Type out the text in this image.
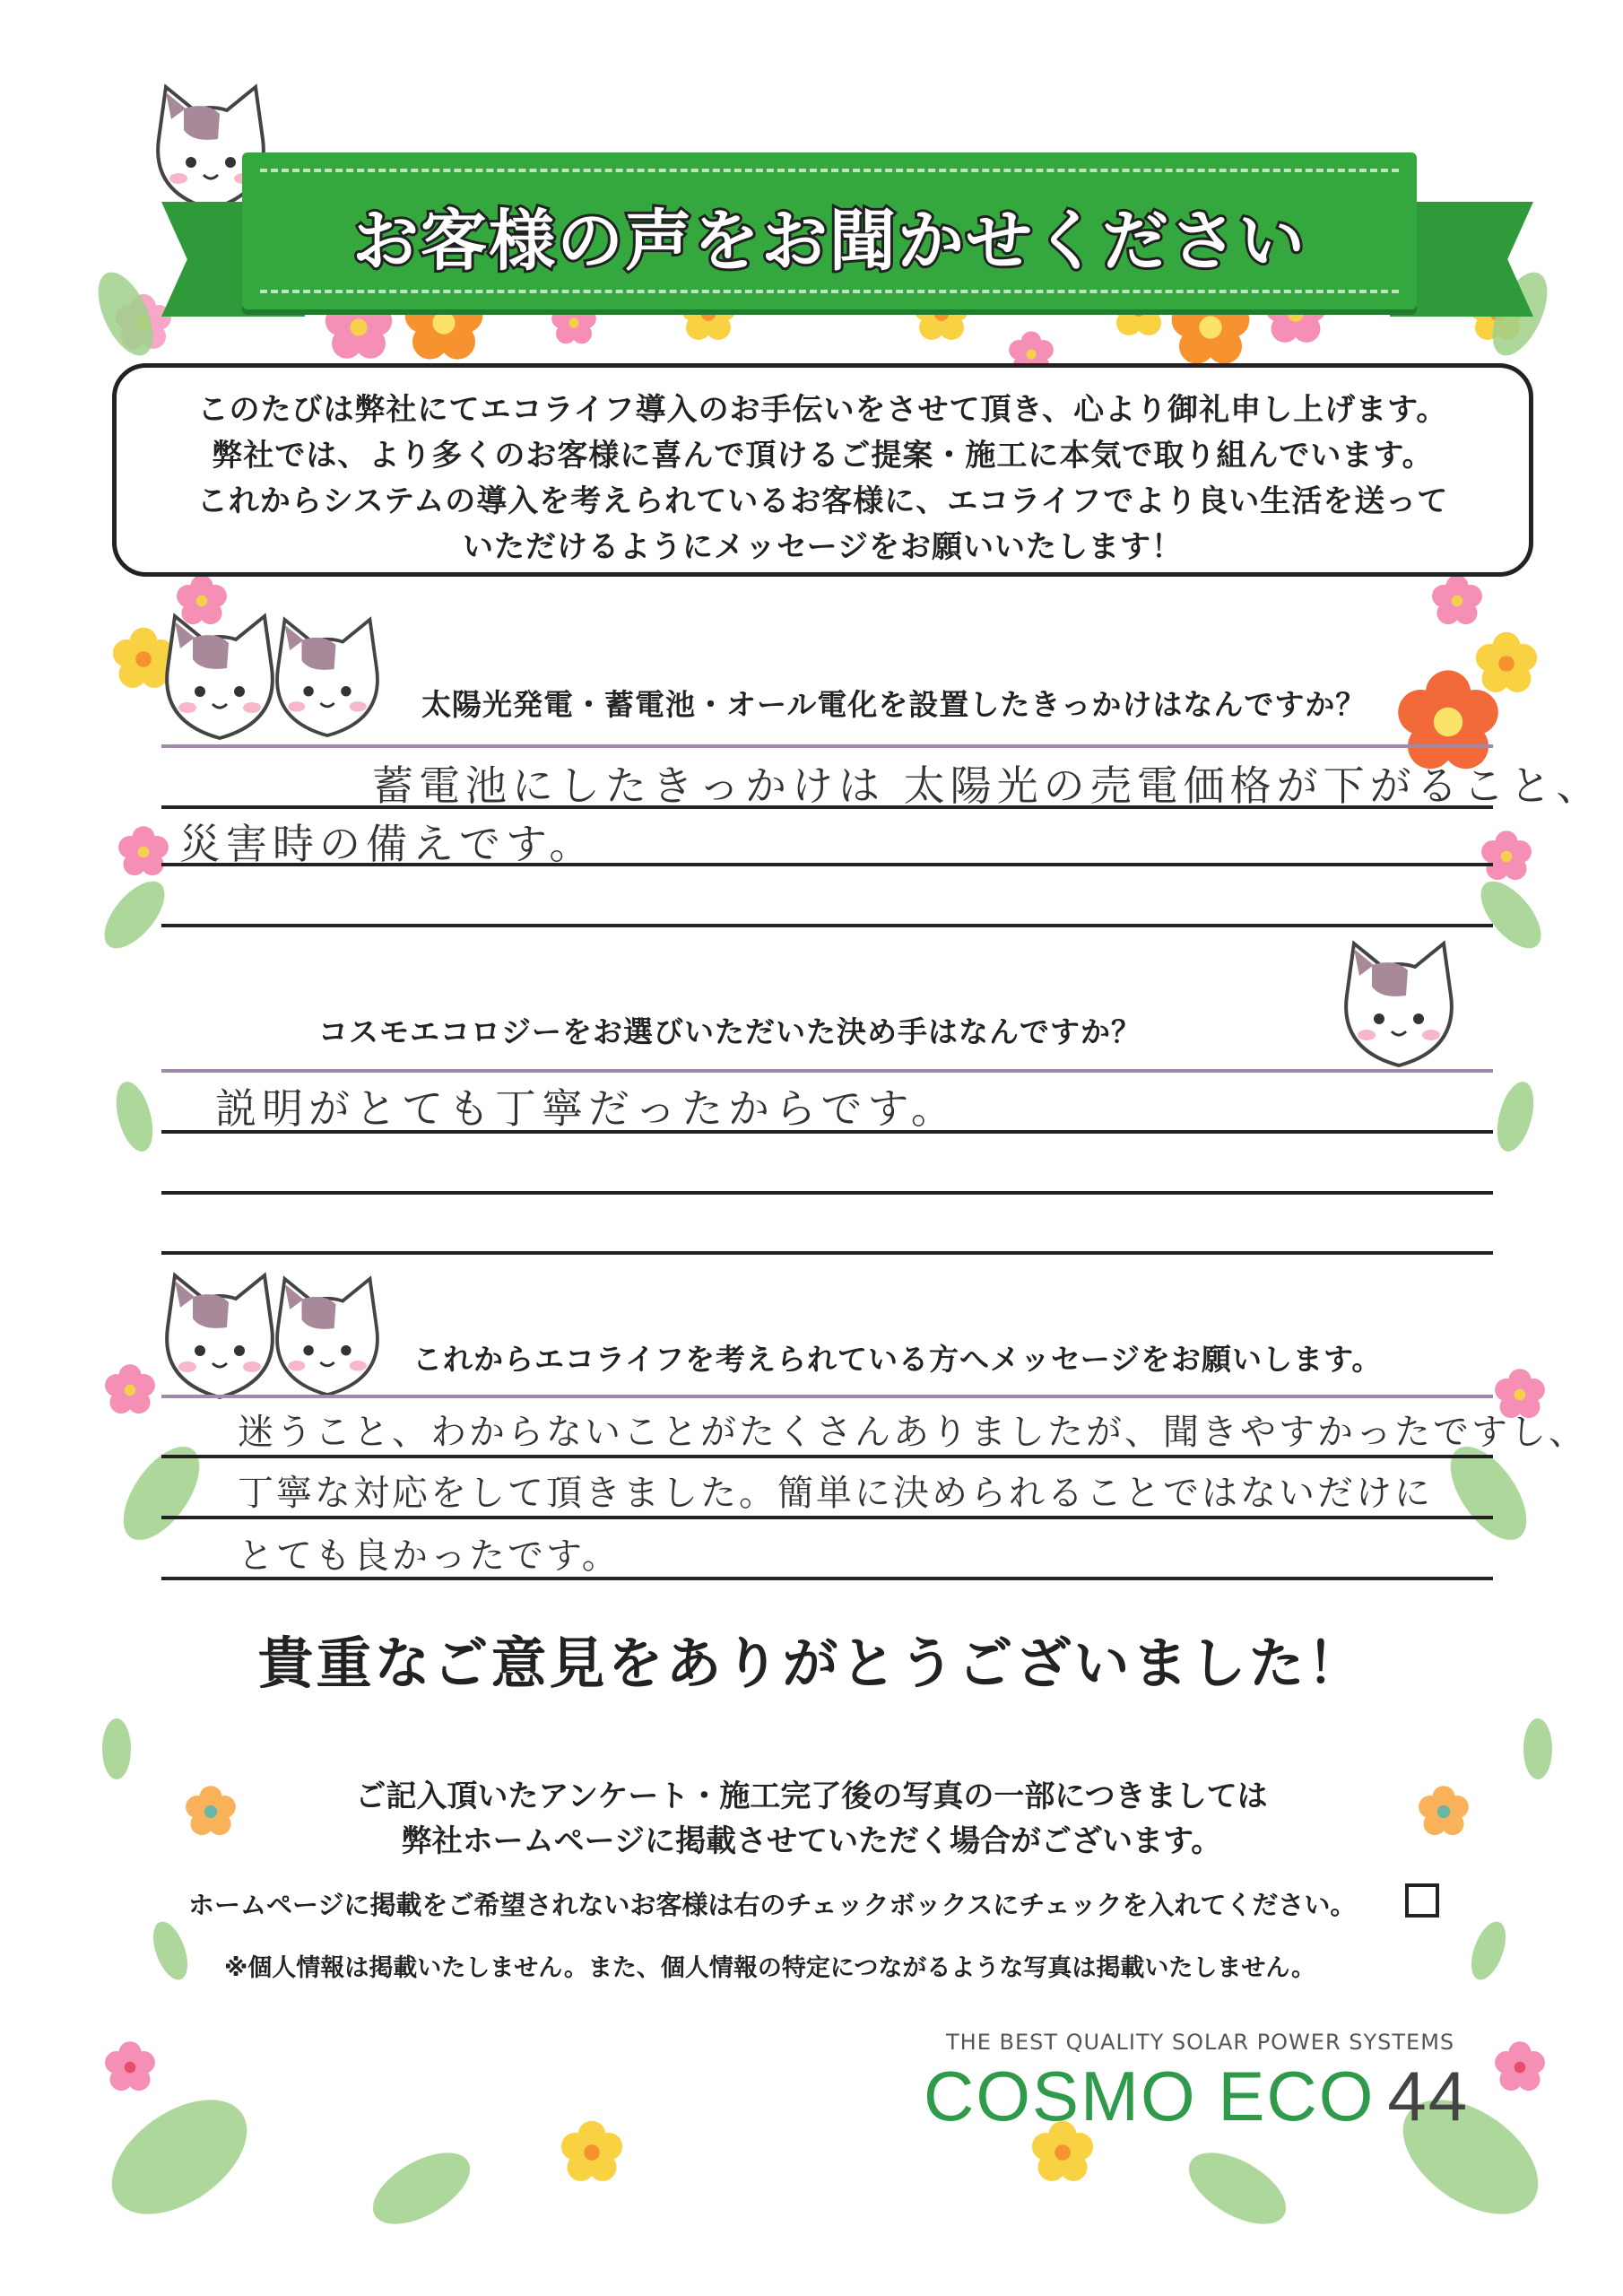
お客様の声をお聞かせください
このたびは弊社にてエコライフ導入のお手伝いをさせて頂き、心より御礼申し上げます。
弊社では、より多くのお客様に喜んで頂けるご提案・施工に本気で取り組んでいます。
これからシステムの導入を考えられているお客様に、エコライフでより良い生活を送って
いただけるようにメッセージをお願いいたします！
太陽光発電・蓄電池・オール電化を設置したきっかけはなんですか？
蓄電池にしたきっかけは 太陽光の売電価格が下がること、
災害時の備えです。
コスモエコロジーをお選びいただいた決め手はなんですか？
説明がとても丁寧だったからです。
これからエコライフを考えられている方へメッセージをお願いします。
迷うこと、わからないことがたくさんありましたが、聞きやすかったですし、
丁寧な対応をして頂きました。簡単に決められることではないだけに
とても良かったです。
貴重なご意見をありがとうございました！
ご記入頂いたアンケート・施工完了後の写真の一部につきましては
弊社ホームページに掲載させていただく場合がございます。
ホームページに掲載をご希望されないお客様は右のチェックボックスにチェックを入れてください。
※個人情報は掲載いたしません。また、個人情報の特定につながるような写真は掲載いたしません。
THE BEST QUALITY SOLAR POWER SYSTEMS
COSMO ECO 44
